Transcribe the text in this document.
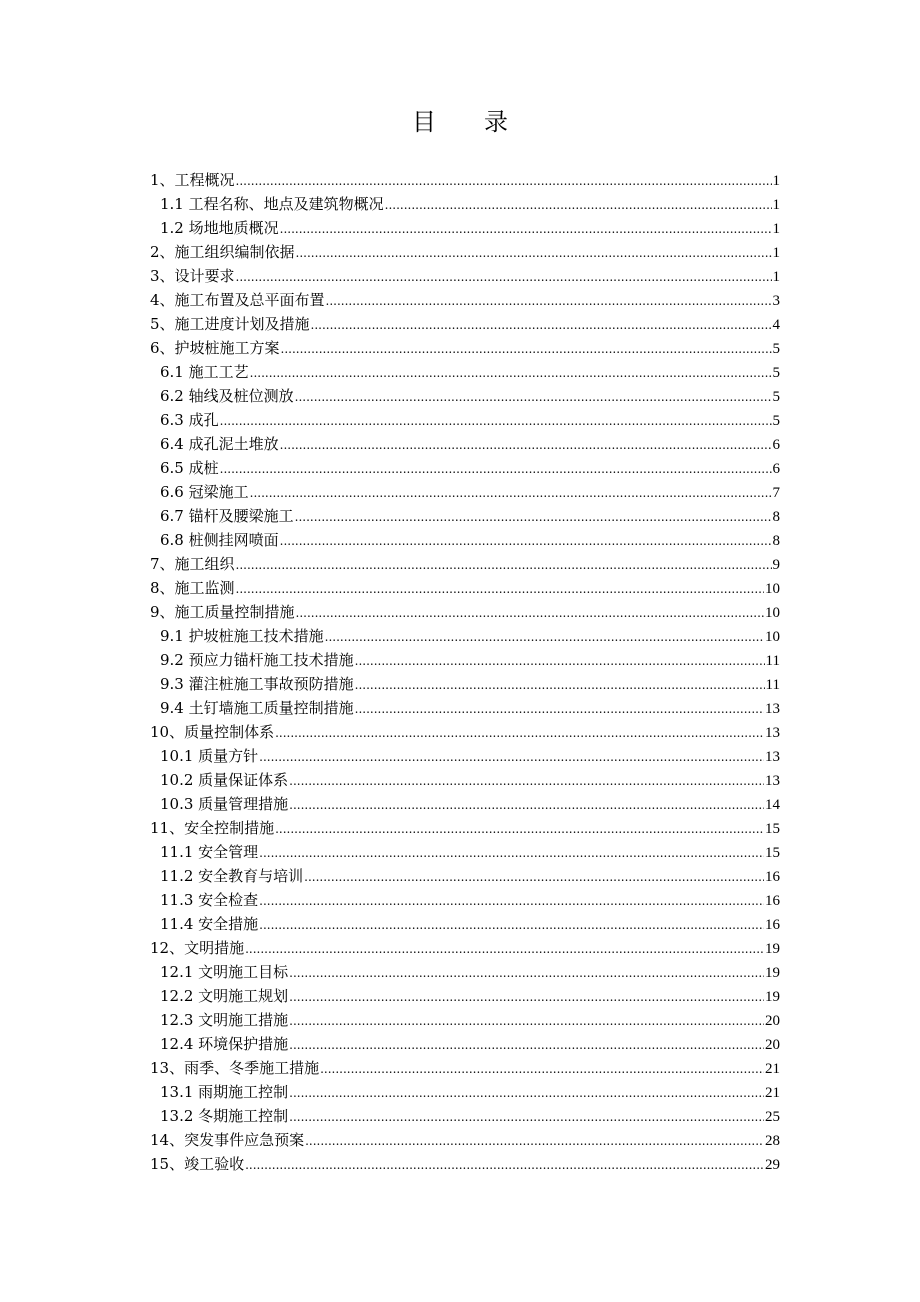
目 录
1、工程概况 .....	1
1.1 工程名称、地点及建筑物概况 .....	1
1.2 场地地质概况 .....	1
2、施工组织编制依据 .....	1
3、设计要求 .....	1
4、施工布置及总平面布置 .....	3
5、施工进度计划及措施 .....	4
6、护坡桩施工方案 .....	5
6.1 施工工艺 .....	5
6.2 轴线及桩位测放 .....	5
6.3 成孔 .....	5
6.4 成孔泥土堆放 .....	6
6.5 成桩 .....	6
6.6 冠梁施工 .....	7
6.7 锚杆及腰梁施工 .....	8
6.8 桩侧挂网喷面 .....	8
7、施工组织 .....	9
8、施工监测 .....	10
9、施工质量控制措施 .....	10
9.1 护坡桩施工技术措施 .....	10
9.2 预应力锚杆施工技术措施 .....	11
9.3 灌注桩施工事故预防措施 .....	11
9.4 土钉墙施工质量控制措施 .....	13
10、质量控制体系 .....	13
10.1 质量方针 .....	13
10.2 质量保证体系 .....	13
10.3 质量管理措施 .....	14
11、安全控制措施 .....	15
11.1 安全管理 .....	15
11.2 安全教育与培训 .....	16
11.3 安全检查 .....	16
11.4 安全措施 .....	16
12、文明措施 .....	19
12.1 文明施工目标 .....	19
12.2 文明施工规划 .....	19
12.3 文明施工措施 .....	20
12.4 环境保护措施 .....	20
13、雨季、冬季施工措施 .....	21
13.1 雨期施工控制 .....	21
13.2 冬期施工控制 .....	25
14、突发事件应急预案 .....	28
15、竣工验收 .....	29
